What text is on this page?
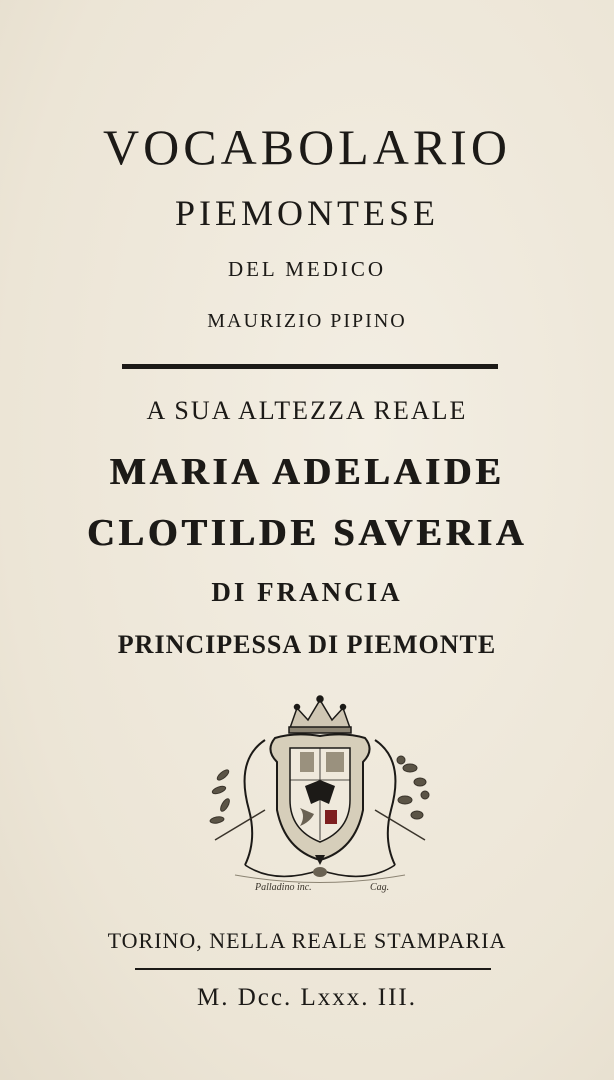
VOCABOLARIO
PIEMONTESE
DEL MEDICO
MAURIZIO PIPINO
A SUA ALTEZZA REALE
MARIA ADELAIDE
CLOTILDE SAVERIA
DI FRANCIA
PRINCIPESSA DI PIEMONTE
Palladino inc.	Cag.
TORINO, NELLA REALE STAMPARIA
M. Dcc. Lxxx. III.
